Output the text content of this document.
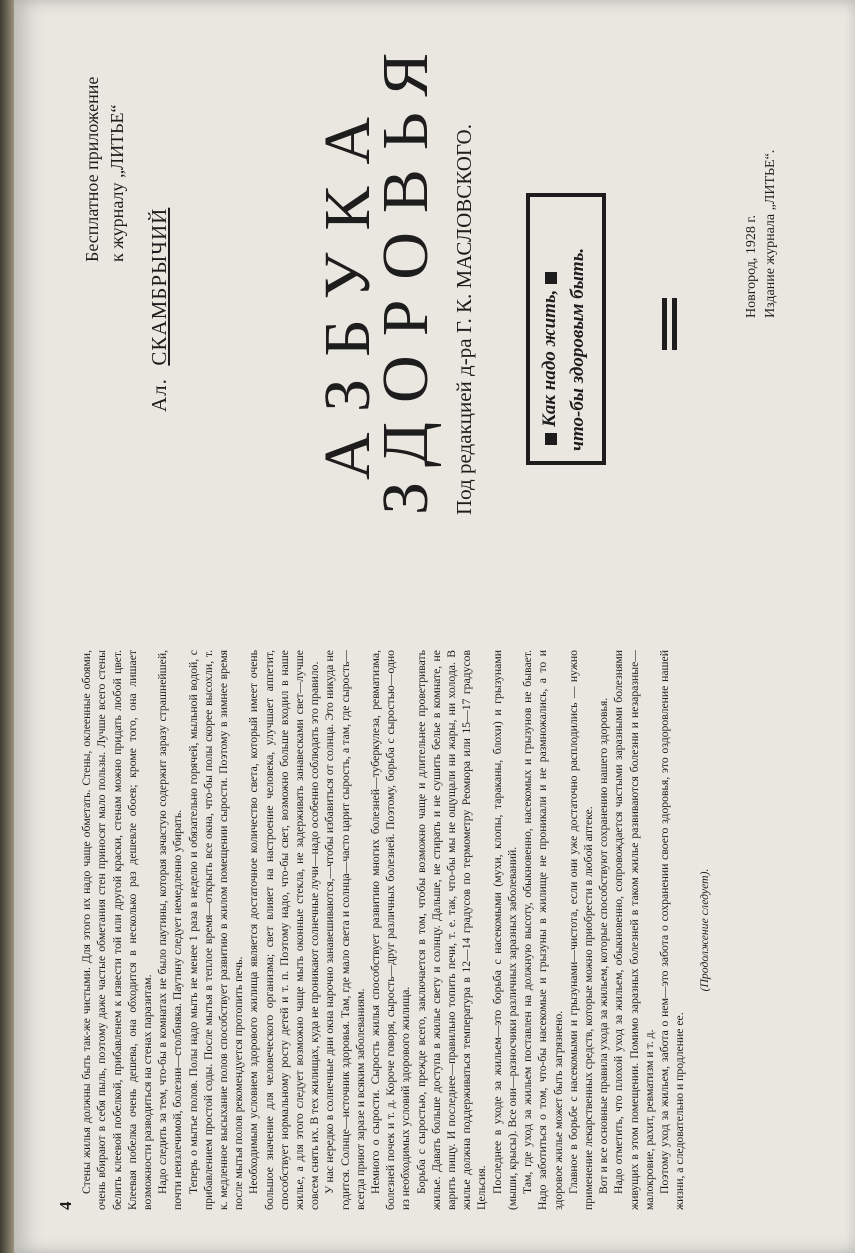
4

Стены жилья должны быть так-же чистыми. Для этого их надо чаще обметать. Стены, оклеенные обоями, очень вбирают в себя пыль, поэтому даже частые обметания стен приносят мало пользы. Лучше всего стены белить клеевой побелкой, прибавленем к извести той или другой краски, стенам можно придать любой цвет. Клеевая побелка очень дешева, она обходится в несколько раз дешевле обоев; кроме того, она лишает возможности разводиться на стенах паразитам. Надо следить за тем, что-бы в комнатах не было паутины, которая зачастую содержит заразу страшнейшей, почти неизлечимой, болезни—столбняка. Паутину следует немедленно убирать. Теперь о мытье полов. Полы надо мыть не менее 1 раза в неделю и обязательно горячей, мыльной водой, с прибавлением простой соды. После мытья в теплое время—открыть все окна, что-бы полы скорее высохли, т. к. медленное высыхание полов способствует развитию в жилом помещении сырости. Поэтому в зимнее время после мытья полов рекомендуется протопить печь. Необходимым условием здорового жилища является достаточное количество света, который имеет очень большое значение для человеческого организма; свет влияет на настроение человека, улучшает аппетит, способствует нормальному росту детей и т. п. Поэтому надо, что-бы свет, возможно больше входил в наше жилье, а для этого следует возможно чаще мыть оконные стекла, не задерживать занавесками свет—лучше совсем снять их. В тех жилищах, куда не проникают солнечные лучи—надо особенно соблюдать это правило. У нас нередко в солнечные дни окна нарочно занавешиваются,—чтобы избавиться от солнца. Это никуда не годится. Солнце—источник здоровья. Там, где мало света и солнца—часто царит сырость, а там, где сырость—всегда приют заразе и всяким заболеваниям. Немного о сырости. Сырость жилья способствует развитию многих болезней—туберкулеза, ревматизма, болезней почек и т. д. Короче говоря, сырость—друг различных болезней. Поэтому, борьба с сыростью—одно из необходимых условий здорового жилища. Борьба с сыростью, прежде всего, заключается в том, чтобы возможно чаще и длительнее проветривать жилье. Давать больше доступа в жилье свету и солнцу. Дальше, не стирать и не сушить белье в комнате, не варить пищу. И последнее—правильно топить печи, т. е. так, что-бы мы не ощущали ни жары, ни холода. В жилье должна поддерживаться температура в 12—14 градусов по термометру Реомюра или 15—17 градусов Цельсия. Последнее в уходе за жильем—это борьба с насекомыми (мухи, клопы, тараканы, блохи) и грызунами (мыши, крысы). Все они—разносчики различных заразных заболеваний. Там, где уход за жильем поставлен на должную высоту, обыкновенно, насекомых и грызунов не бывает. Надо заботиться о том, что-бы насекомые и грызуны в жилище не проникали и не размножались, а то и здоровое жилье может быть загрязнено. Главное в борьбе с насекомыми и грызунами—чистота, если они уже достаточно расплодились — нужно применение лекарственных средств, которые можно приобрести в любой аптеке. Вот и все основные правила ухода за жильем, которые способствуют сохранению нашего здоровья. Надо отметить, что плохой уход за жильем, обыкновенно, сопровождается частыми заразными болезнями живущих в этом помещении. Помимо заразных болезней в таком жилье развиваются болезни и незаразные—малокровие, рахит, ревматизм и т. д. Поэтому уход за жильем, забота о нем—это забота о сохранении своего здоровья, это оздоровление нашей жизни, а следовательно и продление ее.

(Продолжение следует).

Бесплатное приложение к журналу „ЛИТЬЕ“
Ал.  СКАМБРЫЧИЙ АЗБУКА
ЗДОРОВЬЯ Под редакцией д-ра Г. К. МАСЛОВСКОГО.	Как надо жить, что-бы здоровым быть.	Новгород, 1928 г. Издание журнала „ЛИТЬЕ“.
